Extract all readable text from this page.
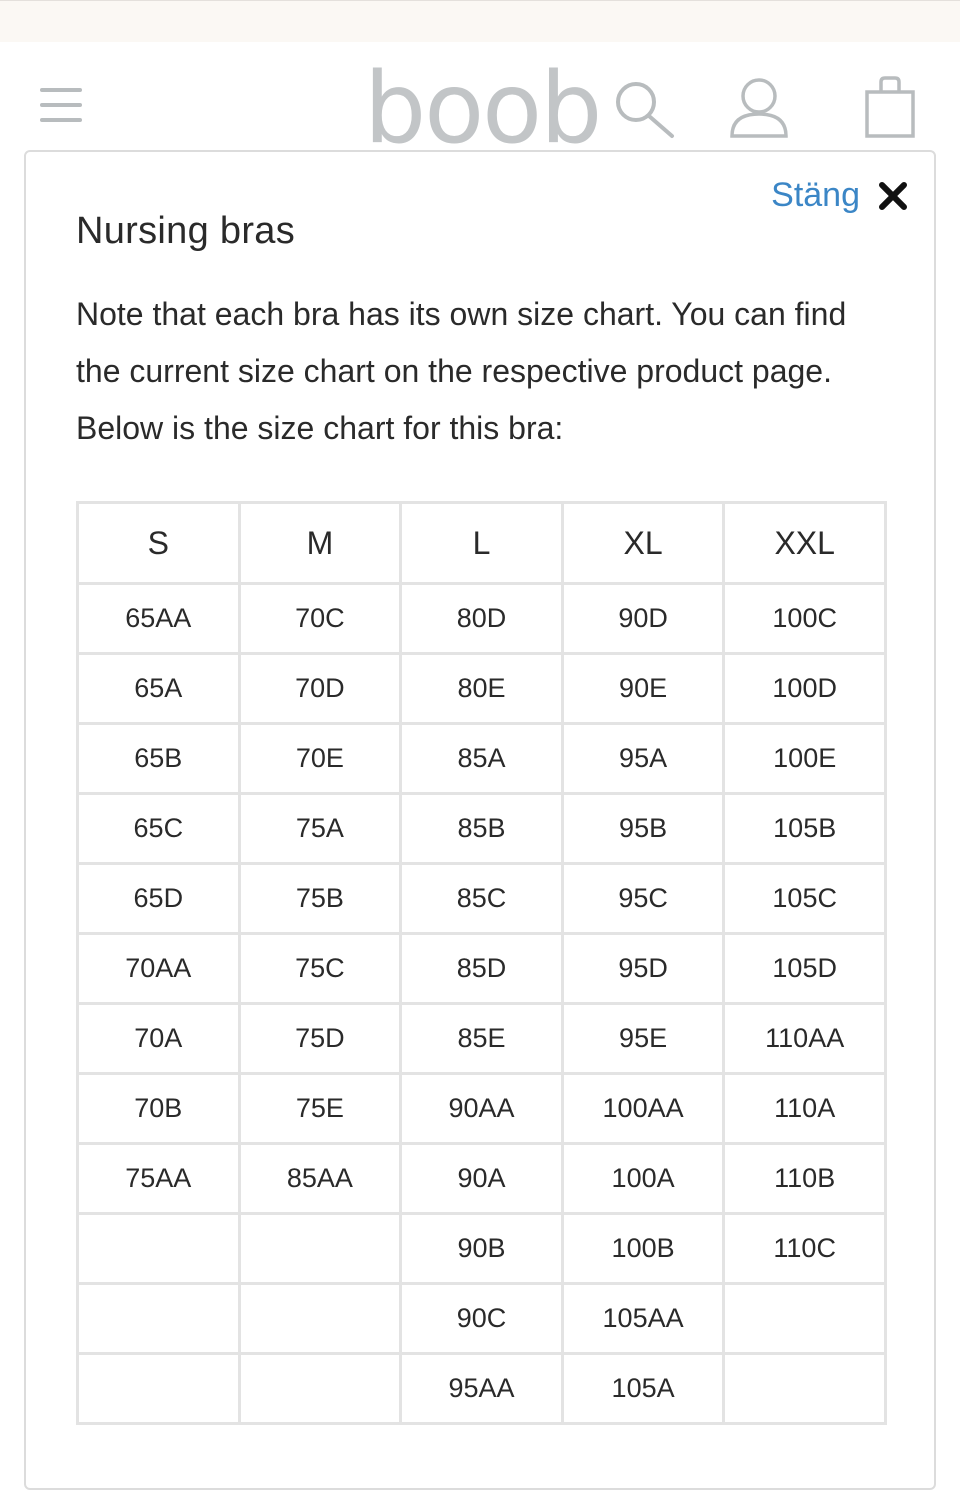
boob
Stäng
Nursing bras

Note that each bra has its own size chart. You can find the current size chart on the respective product page. Below is the size chart for this bra:

S	M	L	XL	XXL
65AA	70C	80D	90D	100C
65A	70D	80E	90E	100D
65B	70E	85A	95A	100E
65C	75A	85B	95B	105B
65D	75B	85C	95C	105C
70AA	75C	85D	95D	105D
70A	75D	85E	95E	110AA
70B	75E	90AA	100AA	110A
75AA	85AA	90A	100A	110B
		90B	100B	110C
		90C	105AA	
		95AA	105A	
